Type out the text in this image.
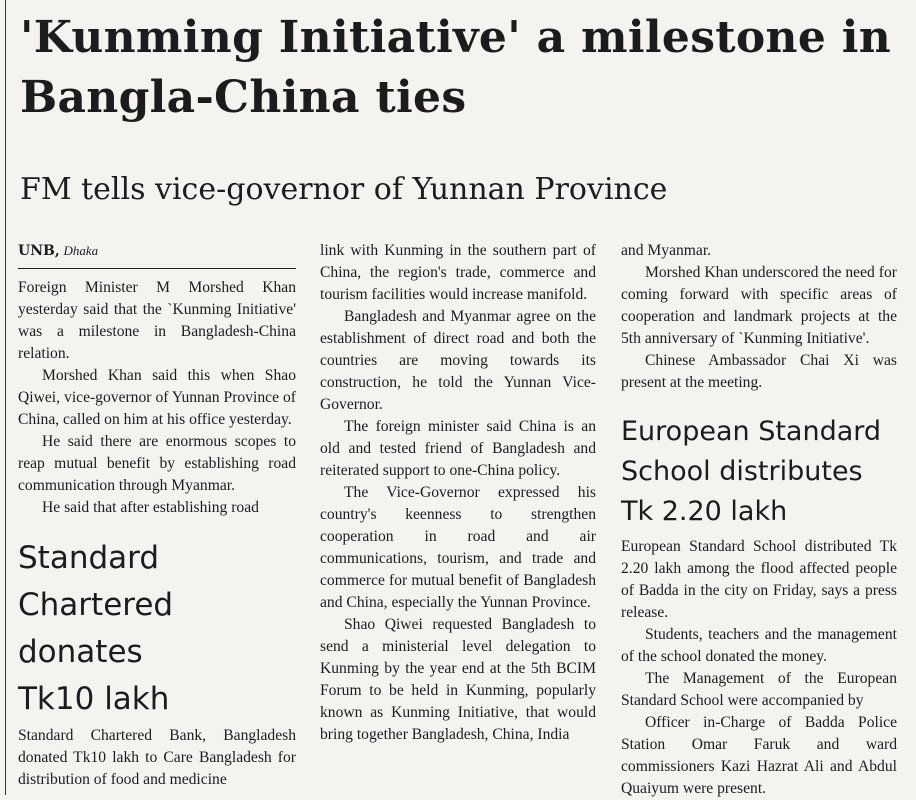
'Kunming Initiative' a milestone in Bangla-China ties
FM tells vice-governor of Yunnan Province
UNB, Dhaka

Foreign Minister M Morshed Khan yesterday said that the `Kunming Initiative' was a milestone in Bangladesh-China relation.

Morshed Khan said this when Shao Qiwei, vice-governor of Yunnan Province of China, called on him at his office yesterday.

He said there are enormous scopes to reap mutual benefit by establishing road communication through Myanmar.

He said that after establishing road

Standard
Chartered
donates
Tk10 lakh

Standard Chartered Bank, Bangladesh donated Tk10 lakh to Care Bangladesh for distribution of food and medicine

link with Kunming in the southern part of China, the region's trade, commerce and tourism facilities would increase manifold.

Bangladesh and Myanmar agree on the establishment of direct road and both the countries are moving towards its construction, he told the Yunnan Vice-Governor.

The foreign minister said China is an old and tested friend of Bangladesh and reiterated support to one-China policy.

The Vice-Governor expressed his country's keenness to strengthen cooperation in road and air communications, tourism, and trade and commerce for mutual benefit of Bangladesh and China, especially the Yunnan Province.

Shao Qiwei requested Bangladesh to send a ministerial level delegation to Kunming by the year end at the 5th BCIM Forum to be held in Kunming, popularly known as Kunming Initiative, that would bring together Bangladesh, China, India

and Myanmar.

Morshed Khan underscored the need for coming forward with specific areas of cooperation and landmark projects at the 5th anniversary of `Kunming Initiative'.

Chinese Ambassador Chai Xi was present at the meeting.

European Standard
School distributes
Tk 2.20 lakh

European Standard School distributed Tk 2.20 lakh among the flood affected people of Badda in the city on Friday, says a press release.

Students, teachers and the management of the school donated the money.

The Management of the European Standard School were accompanied by

Officer in-Charge of Badda Police Station Omar Faruk and ward commissioners Kazi Hazrat Ali and Abdul Quaiyum were present.
